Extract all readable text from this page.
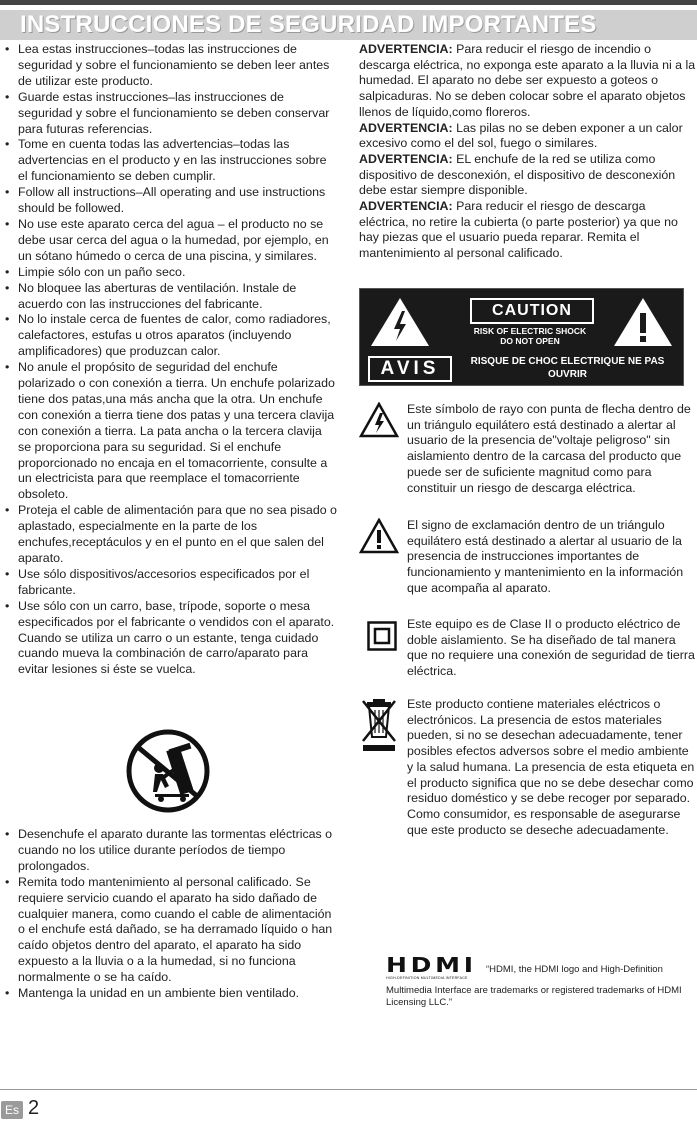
INSTRUCCIONES DE SEGURIDAD IMPORTANTES
• Lea estas instrucciones–todas las instrucciones de seguridad y sobre el funcionamiento se deben leer antes de utilizar este producto.
• Guarde estas instrucciones–las instrucciones de seguridad y sobre el funcionamiento se deben conservar para futuras referencias.
• Tome en cuenta todas las advertencias–todas las advertencias en el producto y en las instrucciones sobre el funcionamiento se deben cumplir.
• Follow all instructions–All operating and use instructions should be followed.
• No use este aparato cerca del agua – el producto no se debe usar cerca del agua o la humedad, por ejemplo, en un sótano húmedo o cerca de una piscina, y similares.
• Limpie sólo con un paño seco.
• No bloquee las aberturas de ventilación. Instale de acuerdo con las instrucciones del fabricante.
• No lo instale cerca de fuentes de calor, como radiadores, calefactores, estufas u otros aparatos (incluyendo amplificadores) que produzcan calor.
• No anule el propósito de seguridad del enchufe polarizado o con conexión a tierra. Un enchufe polarizado tiene dos patas,una más ancha que la otra. Un enchufe con conexión a tierra tiene dos patas y una tercera clavija con conexión a tierra. La pata ancha o la tercera clavija se proporciona para su seguridad. Si el enchufe proporcionado no encaja en el tomacorriente, consulte a un electricista para que reemplace el tomacorriente obsoleto.
• Proteja el cable de alimentación para que no sea pisado o aplastado, especialmente en la parte de los enchufes,receptáculos y en el punto en el que salen del aparato.
• Use sólo dispositivos/accesorios especificados por el fabricante.
• Use sólo con un carro, base, trípode, soporte o mesa especificados por el fabricante o vendidos con el aparato. Cuando se utiliza un carro o un estante, tenga cuidado cuando mueva la combinación de carro/aparato para evitar lesiones si éste se vuelca.
• Desenchufe el aparato durante las tormentas eléctricas o cuando no los utilice durante períodos de tiempo prolongados.
• Remita todo mantenimiento al personal calificado. Se requiere servicio cuando el aparato ha sido dañado de cualquier manera, como cuando el cable de alimentación o el enchufe está dañado, se ha derramado líquido o han caído objetos dentro del aparato, el aparato ha sido expuesto a la lluvia o a la humedad, si no funciona normalmente o se ha caído.
• Mantenga la unidad en un ambiente bien ventilado.

ADVERTENCIA: Para reducir el riesgo de incendio o descarga eléctrica, no exponga este aparato a la lluvia ni a la humedad. El aparato no debe ser expuesto a goteos o salpicaduras. No se deben colocar sobre el aparato objetos llenos de líquido,como floreros.

ADVERTENCIA: Las pilas no se deben exponer a un calor excesivo como el del sol, fuego o similares.

ADVERTENCIA: EL enchufe de la red se utiliza como dispositivo de desconexión, el dispositivo de desconexión debe estar siempre disponible.

ADVERTENCIA: Para reducir el riesgo de descarga eléctrica, no retire la cubierta (o parte posterior) ya que no hay piezas que el usuario pueda reparar. Remita el mantenimiento al personal calificado.

CAUTION
RISK OF ELECTRIC SHOCK
DO NOT OPEN
AVIS	RISQUE DE CHOC ELECTRIQUE NE PAS OUVRIR
Este símbolo de rayo con punta de flecha dentro de un triángulo equilátero está destinado a alertar al usuario de la presencia de"voltaje peligroso" sin aislamiento dentro de la carcasa del producto que puede ser de suficiente magnitud como para constituir un riesgo de descarga eléctrica.
El signo de exclamación dentro de un triángulo equilátero está destinado a alertar al usuario de la presencia de instrucciones importantes de funcionamiento y mantenimiento en la información que acompaña al aparato.
Este equipo es de Clase II o producto eléctrico de doble aislamiento. Se ha diseñado de tal manera que no requiere una conexión de seguridad de tierra eléctrica.
Este producto contiene materiales eléctricos o electrónicos. La presencia de estos materiales pueden, si no se desechan adecuadamente, tener posibles efectos adversos sobre el medio ambiente y la salud humana. La presencia de esta etiqueta en el producto significa que no se debe desechar como residuo doméstico y se debe recoger por separado. Como consumidor, es responsable de asegurarse que este producto se deseche adecuadamente.
HDMI
HIGH-DEFINITION MULTIMEDIA INTERFACE
“HDMI, the HDMI logo and High-Definition
Multimedia Interface are trademarks or registered trademarks of HDMI Licensing LLC.”
Es 2
